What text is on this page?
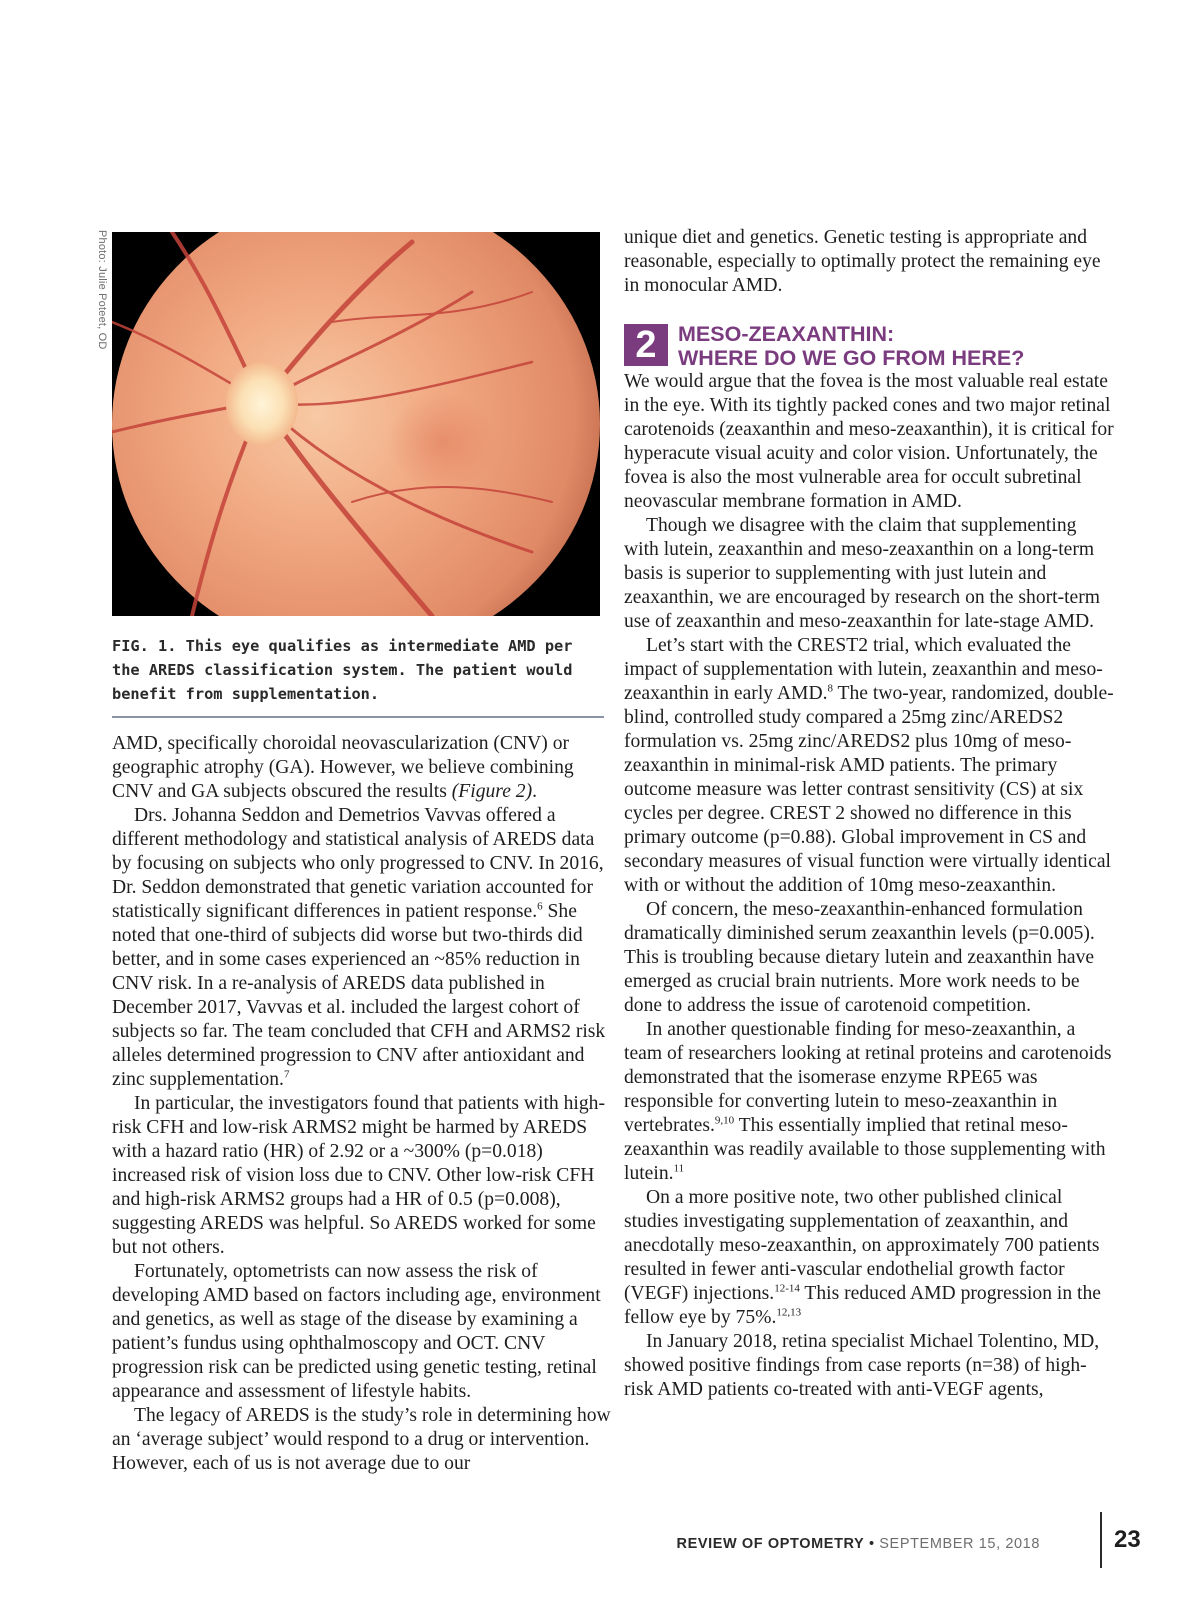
Photo: Julie Poteet, OD
FIG. 1. This eye qualifies as intermediate AMD per the AREDS classification system. The patient would benefit from supplementation.

AMD, specifically choroidal neovascularization (CNV) or geographic atrophy (GA). However, we believe combining CNV and GA subjects obscured the results (Figure 2).

Drs. Johanna Seddon and Demetrios Vavvas offered a different methodology and statistical analysis of AREDS data by focusing on subjects who only progressed to CNV. In 2016, Dr. Seddon demonstrated that genetic variation accounted for statistically significant differences in patient response.$^6$ She noted that one-third of subjects did worse but two-thirds did better, and in some cases experienced an ~85% reduction in CNV risk. In a re-analysis of AREDS data published in December 2017, Vavvas et al. included the largest cohort of subjects so far. The team concluded that CFH and ARMS2 risk alleles determined progression to CNV after antioxidant and zinc supplementation.$^7$

In particular, the investigators found that patients with high-risk CFH and low-risk ARMS2 might be harmed by AREDS with a hazard ratio (HR) of 2.92 or a ~300% (p=0.018) increased risk of vision loss due to CNV. Other low-risk CFH and high-risk ARMS2 groups had a HR of 0.5 (p=0.008), suggesting AREDS was helpful. So AREDS worked for some but not others.

Fortunately, optometrists can now assess the risk of developing AMD based on factors including age, environment and genetics, as well as stage of the disease by examining a patient’s fundus using ophthalmoscopy and OCT. CNV progression risk can be predicted using genetic testing, retinal appearance and assessment of lifestyle habits.

The legacy of AREDS is the study’s role in determining how an ‘average subject’ would respond to a drug or intervention. However, each of us is not average due to our

unique diet and genetics. Genetic testing is appropriate and reasonable, especially to optimally protect the remaining eye in monocular AMD.

2 MESO-ZEAXANTHIN:
WHERE DO WE GO FROM HERE?

We would argue that the fovea is the most valuable real estate in the eye. With its tightly packed cones and two major retinal carotenoids (zeaxanthin and meso-zeaxanthin), it is critical for hyperacute visual acuity and color vision. Unfortunately, the fovea is also the most vulnerable area for occult subretinal neovascular membrane formation in AMD.

Though we disagree with the claim that supplementing with lutein, zeaxanthin and meso-zeaxanthin on a long-term basis is superior to supplementing with just lutein and zeaxanthin, we are encouraged by research on the short-term use of zeaxanthin and meso-zeaxanthin for late-stage AMD.

Let’s start with the CREST2 trial, which evaluated the impact of supplementation with lutein, zeaxanthin and meso-zeaxanthin in early AMD.$^8$ The two-year, randomized, double-blind, controlled study compared a 25mg zinc/AREDS2 formulation vs. 25mg zinc/AREDS2 plus 10mg of meso-zeaxanthin in minimal-risk AMD patients. The primary outcome measure was letter contrast sensitivity (CS) at six cycles per degree. CREST 2 showed no difference in this primary outcome (p=0.88). Global improvement in CS and secondary measures of visual function were virtually identical with or without the addition of 10mg meso-zeaxanthin.

Of concern, the meso-zeaxanthin-enhanced formulation dramatically diminished serum zeaxanthin levels (p=0.005). This is troubling because dietary lutein and zeaxanthin have emerged as crucial brain nutrients. More work needs to be done to address the issue of carotenoid competition.

In another questionable finding for meso-zeaxanthin, a team of researchers looking at retinal proteins and carotenoids demonstrated that the isomerase enzyme RPE65 was responsible for converting lutein to meso-zeaxanthin in vertebrates.$^{9,10}$ This essentially implied that retinal meso-zeaxanthin was readily available to those supplementing with lutein.$^{11}$

On a more positive note, two other published clinical studies investigating supplementation of zeaxanthin, and anecdotally meso-zeaxanthin, on approximately 700 patients resulted in fewer anti-vascular endothelial growth factor (VEGF) injections.$^{12-14}$ This reduced AMD progression in the fellow eye by 75%.$^{12,13}$

In January 2018, retina specialist Michael Tolentino, MD, showed positive findings from case reports (n=38) of high-risk AMD patients co-treated with anti-VEGF agents,

REVIEW OF OPTOMETRY • SEPTEMBER 15, 2018	23
